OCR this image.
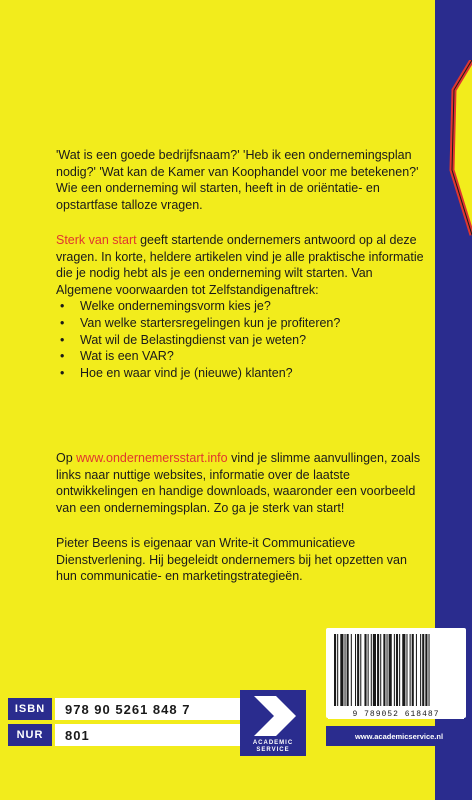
'Wat is een goede bedrijfsnaam?' 'Heb ik een ondernemingsplan nodig?' 'Wat kan de Kamer van Koophandel voor me betekenen?' Wie een onderneming wil starten, heeft in de oriëntatie- en opstartfase talloze vragen.
Sterk van start geeft startende ondernemers antwoord op al deze vragen. In korte, heldere artikelen vind je alle praktische informatie die je nodig hebt als je een onderneming wilt starten. Van Algemene voorwaarden tot Zelfstandigenaftrek:
• Welke ondernemingsvorm kies je?
• Van welke startersregelingen kun je profiteren?
• Wat wil de Belastingdienst van je weten?
• Wat is een VAR?
• Hoe en waar vind je (nieuwe) klanten?
Op www.ondernemersstart.info vind je slimme aanvullingen, zoals links naar nuttige websites, informatie over de laatste ontwikkelingen en handige downloads, waaronder een voorbeeld van een ondernemingsplan. Zo ga je sterk van start!
Pieter Beens is eigenaar van Write-it Communicatieve Dienstverlening. Hij begeleidt ondernemers bij het opzetten van hun communicatie- en marketingstrategieën.
ISBN	978 90 5261 848 7
NUR	801
ACADEMIC
SERVICE
9 789052 618487
www.academicservice.nl
